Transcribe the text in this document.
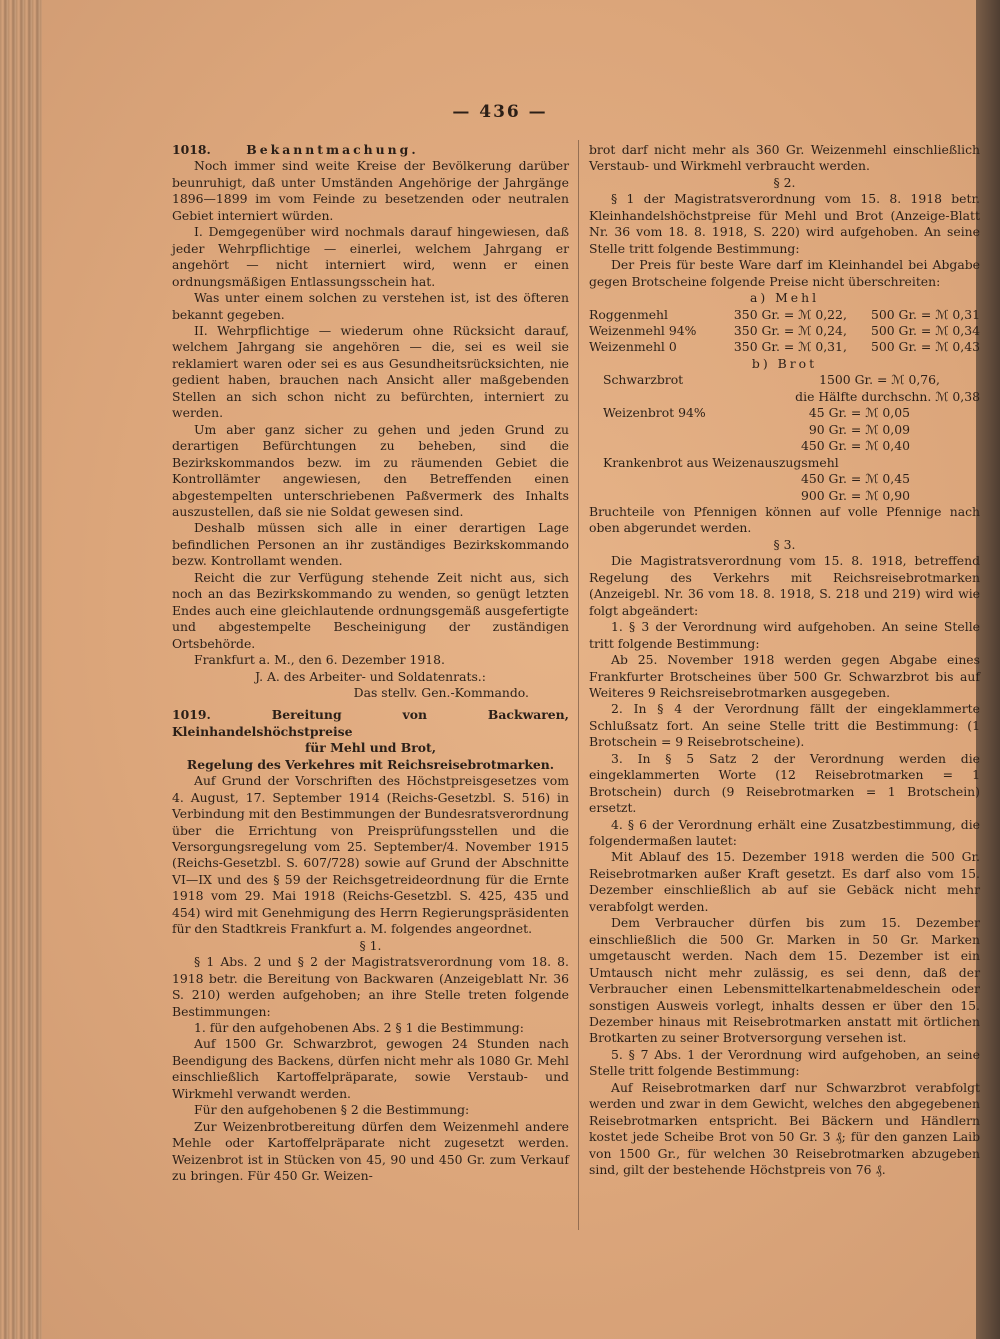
— 436 —

1018.	Bekanntmachung.

Noch immer sind weite Kreise der Bevölkerung darüber beunruhigt, daß unter Umständen Angehörige der Jahrgänge 1896—1899 im vom Feinde zu besetzenden oder neutralen Gebiet interniert würden.

I. Demgegenüber wird nochmals darauf hingewiesen, daß jeder Wehrpflichtige — einerlei, welchem Jahrgang er angehört — nicht interniert wird, wenn er einen ordnungsmäßigen Entlassungsschein hat.

Was unter einem solchen zu verstehen ist, ist des öfteren bekannt gegeben.

II. Wehrpflichtige — wiederum ohne Rücksicht darauf, welchem Jahrgang sie angehören — die, sei es weil sie reklamiert waren oder sei es aus Gesundheitsrücksichten, nie gedient haben, brauchen nach Ansicht aller maßgebenden Stellen an sich schon nicht zu befürchten, interniert zu werden.

Um aber ganz sicher zu gehen und jeden Grund zu derartigen Befürchtungen zu beheben, sind die Bezirkskommandos bezw. im zu räumenden Gebiet die Kontrollämter angewiesen, den Betreffenden einen abgestempelten unterschriebenen Paßvermerk des Inhalts auszustellen, daß sie nie Soldat gewesen sind.

Deshalb müssen sich alle in einer derartigen Lage befindlichen Personen an ihr zuständiges Bezirkskommando bezw. Kontrollamt wenden.

Reicht die zur Verfügung stehende Zeit nicht aus, sich noch an das Bezirkskommando zu wenden, so genügt letzten Endes auch eine gleichlautende ordnungsgemäß ausgefertigte und abgestempelte Bescheinigung der zuständigen Ortsbehörde.

Frankfurt a. M., den 6. Dezember 1918.

J. A. des Arbeiter- und Soldatenrats.:

Das stellv. Gen.-Kommando.

1019. Bereitung von Backwaren, Kleinhandelshöchstpreise

für Mehl und Brot,

Regelung des Verkehres mit Reichsreisebrotmarken.

Auf Grund der Vorschriften des Höchstpreisgesetzes vom 4. August, 17. September 1914 (Reichs-Gesetzbl. S. 516) in Verbindung mit den Bestimmungen der Bundesratsverordnung über die Errichtung von Preisprüfungsstellen und die Versorgungsregelung vom 25. September/4. November 1915 (Reichs-Gesetzbl. S. 607/728) sowie auf Grund der Abschnitte VI—IX und des § 59 der Reichsgetreideordnung für die Ernte 1918 vom 29. Mai 1918 (Reichs-Gesetzbl. S. 425, 435 und 454) wird mit Genehmigung des Herrn Regierungspräsidenten für den Stadtkreis Frankfurt a. M. folgendes angeordnet.

§ 1.

§ 1 Abs. 2 und § 2 der Magistratsverordnung vom 18. 8. 1918 betr. die Bereitung von Backwaren (Anzeigeblatt Nr. 36 S. 210) werden aufgehoben; an ihre Stelle treten folgende Bestimmungen:

1. für den aufgehobenen Abs. 2 § 1 die Bestimmung:

Auf 1500 Gr. Schwarzbrot, gewogen 24 Stunden nach Beendigung des Backens, dürfen nicht mehr als 1080 Gr. Mehl einschließlich Kartoffelpräparate, sowie Verstaub- und Wirkmehl verwandt werden.

Für den aufgehobenen § 2 die Bestimmung:

Zur Weizenbrotbereitung dürfen dem Weizenmehl andere Mehle oder Kartoffelpräparate nicht zugesetzt werden. Weizenbrot ist in Stücken von 45, 90 und 450 Gr. zum Verkauf zu bringen. Für 450 Gr. Weizen-

brot darf nicht mehr als 360 Gr. Weizenmehl einschließlich Verstaub- und Wirkmehl verbraucht werden.

§ 2.

§ 1 der Magistratsverordnung vom 15. 8. 1918 betr. Kleinhandelshöchstpreise für Mehl und Brot (Anzeige-Blatt Nr. 36 vom 18. 8. 1918, S. 220) wird aufgehoben. An seine Stelle tritt folgende Bestimmung:

Der Preis für beste Ware darf im Kleinhandel bei Abgabe gegen Brotscheine folgende Preise nicht überschreiten:

a) Mehl

Roggenmehl	350 Gr. = ℳ 0,22,	500 Gr. = ℳ 0,31
Weizenmehl 94%	350 Gr. = ℳ 0,24,	500 Gr. = ℳ 0,34
Weizenmehl 0	350 Gr. = ℳ 0,31,	500 Gr. = ℳ 0,43

b) Brot

Schwarzbrot	1500 Gr. = ℳ 0,76,
	die Hälfte durchschn. ℳ 0,38
Weizenbrot 94%	45 Gr. = ℳ 0,05
	90 Gr. = ℳ 0,09
	450 Gr. = ℳ 0,40
Krankenbrot aus Weizenauszugsmehl	
	450 Gr. = ℳ 0,45
	900 Gr. = ℳ 0,90

Bruchteile von Pfennigen können auf volle Pfennige nach oben abgerundet werden.

§ 3.

Die Magistratsverordnung vom 15. 8. 1918, betreffend Regelung des Verkehrs mit Reichsreisebrotmarken (Anzeigebl. Nr. 36 vom 18. 8. 1918, S. 218 und 219) wird wie folgt abgeändert:

1. § 3 der Verordnung wird aufgehoben. An seine Stelle tritt folgende Bestimmung:

Ab 25. November 1918 werden gegen Abgabe eines Frankfurter Brotscheines über 500 Gr. Schwarzbrot bis auf Weiteres 9 Reichsreisebrotmarken ausgegeben.

2. In § 4 der Verordnung fällt der eingeklammerte Schlußsatz fort. An seine Stelle tritt die Bestimmung: (1 Brotschein = 9 Reisebrotscheine).

3. In § 5 Satz 2 der Verordnung werden die eingeklammerten Worte (12 Reisebrotmarken = 1 Brotschein) durch (9 Reisebrotmarken = 1 Brotschein) ersetzt.

4. § 6 der Verordnung erhält eine Zusatzbestimmung, die folgendermaßen lautet:

Mit Ablauf des 15. Dezember 1918 werden die 500 Gr. Reisebrotmarken außer Kraft gesetzt. Es darf also vom 15. Dezember einschließlich ab auf sie Gebäck nicht mehr verabfolgt werden.

Dem Verbraucher dürfen bis zum 15. Dezember einschließlich die 500 Gr. Marken in 50 Gr. Marken umgetauscht werden. Nach dem 15. Dezember ist ein Umtausch nicht mehr zulässig, es sei denn, daß der Verbraucher einen Lebensmittelkartenabmeldeschein oder sonstigen Ausweis vorlegt, inhalts dessen er über den 15. Dezember hinaus mit Reisebrotmarken anstatt mit örtlichen Brotkarten zu seiner Brotversorgung versehen ist.

5. § 7 Abs. 1 der Verordnung wird aufgehoben, an seine Stelle tritt folgende Bestimmung:

Auf Reisebrotmarken darf nur Schwarzbrot verabfolgt werden und zwar in dem Gewicht, welches den abgegebenen Reisebrotmarken entspricht. Bei Bäckern und Händlern kostet jede Scheibe Brot von 50 Gr. 3 ₰; für den ganzen Laib von 1500 Gr., für welchen 30 Reisebrotmarken abzugeben sind, gilt der bestehende Höchstpreis von 76 ₰.
